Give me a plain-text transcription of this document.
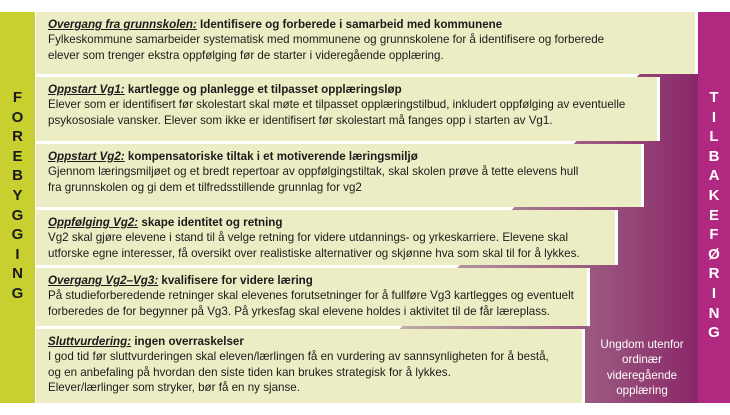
F
O
R
E
B
Y
G
G
I
N
G
T
I
L
B
A
K
E
F
Ø
R
I
N
G
Overgang fra grunnskolen: Identifisere og forberede i samarbeid med kommunene
Fylkeskommune samarbeider systematisk med mommunene og grunnskolene for å identifisere og forberede
elever som trenger ekstra oppfølging før de starter i videregående opplæring.
Oppstart Vg1: kartlegge og planlegge et tilpasset opplæringsløp
Elever som er identifisert før skolestart skal møte et tilpasset opplæringstilbud, inkludert oppfølging av eventuelle
psykososiale vansker. Elever som ikke er identifisert før skolestart må fanges opp i starten av Vg1.
Oppstart Vg2: kompensatoriske tiltak i et motiverende læringsmiljø
Gjennom læringsmiljøet og et bredt repertoar av oppfølgingstiltak, skal skolen prøve å tette elevens hull
fra grunnskolen og gi dem et tilfredsstillende grunnlag for vg2
Oppfølging Vg2: skape identitet og retning
Vg2 skal gjøre elevene i stand til å velge retning for videre utdannings- og yrkeskarriere. Elevene skal
utforske egne interesser, få oversikt over realistiske alternativer og skjønne hva som skal til for å lykkes.
Overgang Vg2–Vg3: kvalifisere for videre læring
På studieforberedende retninger skal elevenes forutsetninger for å fullføre Vg3 kartlegges og eventuelt
forberedes de for begynner på Vg3. På yrkesfag skal elevene holdes i aktivitet til de får læreplass.
Sluttvurdering: ingen overraskelser
I god tid før sluttvurderingen skal eleven/lærlingen få en vurdering av sannsynligheten for å bestå,
og en anbefaling på hvordan den siste tiden kan brukes strategisk for å lykkes.
Elever/lærlinger som stryker, bør få en ny sjanse.
Ungdom utenfor
ordinær
videregående
opplæring
